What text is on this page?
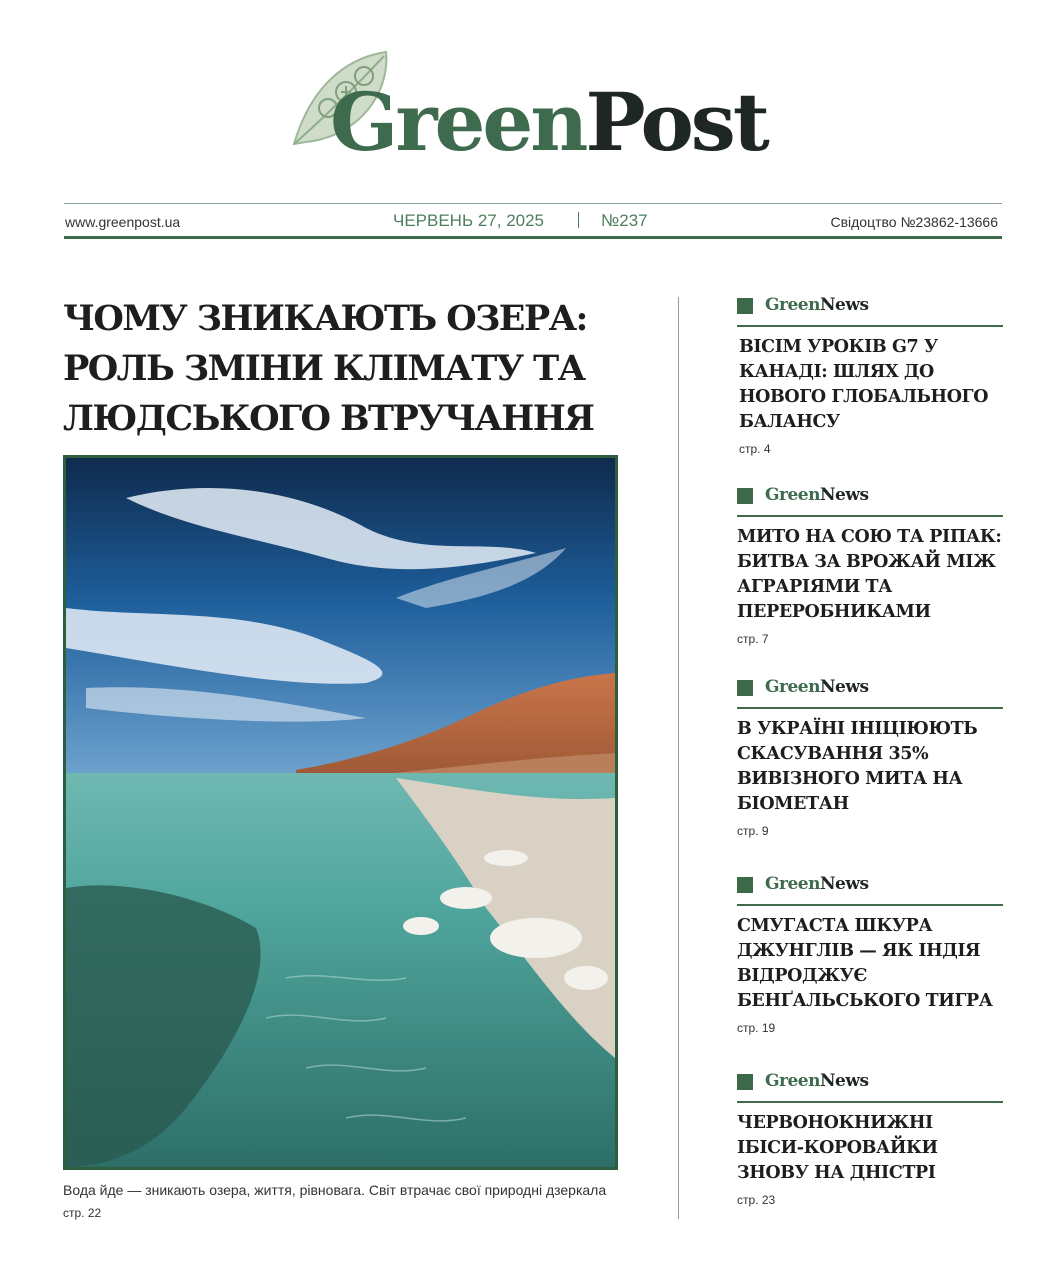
GreenPost
www.greenpost.ua	ЧЕРВЕНЬ 27, 2025	№237	Свідоцтво №23862-13666
ЧОМУ ЗНИКАЮТЬ ОЗЕРА: РОЛЬ ЗМІНИ КЛІМАТУ ТА ЛЮДСЬКОГО ВТРУЧАННЯ
Вода йде — зникають озера, життя, рівновага. Світ втрачає свої природні дзеркала
стр. 22
GreenNews
ВІСІМ УРОКІВ G7 У КАНАДІ: ШЛЯХ ДО НОВОГО ГЛОБАЛЬНОГО БАЛАНСУ
стр. 4
GreenNews
МИТО НА СОЮ ТА РІПАК: БИТВА ЗА ВРОЖАЙ МІЖ АГРАРІЯМИ ТА ПЕРЕРОБНИКАМИ
стр. 7
GreenNews
В УКРАЇНІ ІНІЦІЮЮТЬ СКАСУВАННЯ 35% ВИВІЗНОГО МИТА НА БІОМЕТАН
стр. 9
GreenNews
СМУГАСТА ШКУРА ДЖУНГЛІВ — ЯК ІНДІЯ ВІДРОДЖУЄ БЕНҐАЛЬСЬКОГО ТИГРА
стр. 19
GreenNews
ЧЕРВОНОКНИЖНІ ІБІСИ-КОРОВАЙКИ ЗНОВУ НА ДНІСТРІ
стр. 23
